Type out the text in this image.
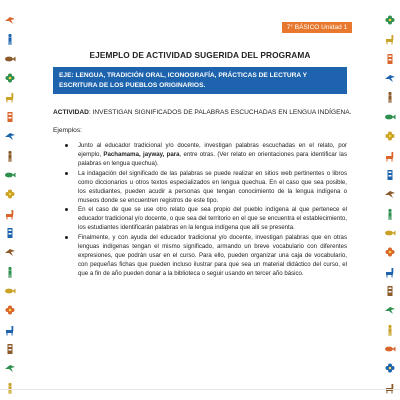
7° BÁSICO Unidad 1
EJEMPLO DE ACTIVIDAD SUGERIDA DEL PROGRAMA
EJE: LENGUA, TRADICIÓN ORAL, ICONOGRAFÍA, PRÁCTICAS DE LECTURA Y ESCRITURA DE LOS PUEBLOS ORIGINARIOS.
ACTIVIDAD: INVESTIGAN SIGNIFICADOS DE PALABRAS ESCUCHADAS EN LENGUA INDÍGENA.
Ejemplos:
Junto al educador tradicional y/o docente, investigan palabras escuchadas en el relato, por ejemplo, Pachamama, jayway, para, entre otras. (Ver relato en orientaciones para identificar las palabras en lengua quechua).
La indagación del significado de las palabras se puede realizar en sitios web pertinentes o libros como diccionarios u otros textos especializados en lengua quechua. En el caso que sea posible, los estudiantes, pueden acudir a personas que tengan conocimiento de la lengua indígena o museos donde se encuentren registros de este tipo.
En el caso de que se use otro relato que sea propio del pueblo indígena al que pertenece el educador tradicional y/o docente, o que sea del territorio en el que se encuentra el establecimiento, los estudiantes identificarán palabras en la lengua indígena que allí se presenta.
Finalmente, y con ayuda del educador tradicional y/o docente, investigan palabras que en otras lenguas indígenas tengan el mismo significado, armando un breve vocabulario con diferentes expresiones, que podrán usar en el curso. Para ello, pueden organizar una caja de vocabulario, con pequeñas fichas que pueden incluso ilustrar para que sea un material didáctico del curso, el que a fin de año pueden donar a la biblioteca o seguir usando en tercer año básico.
